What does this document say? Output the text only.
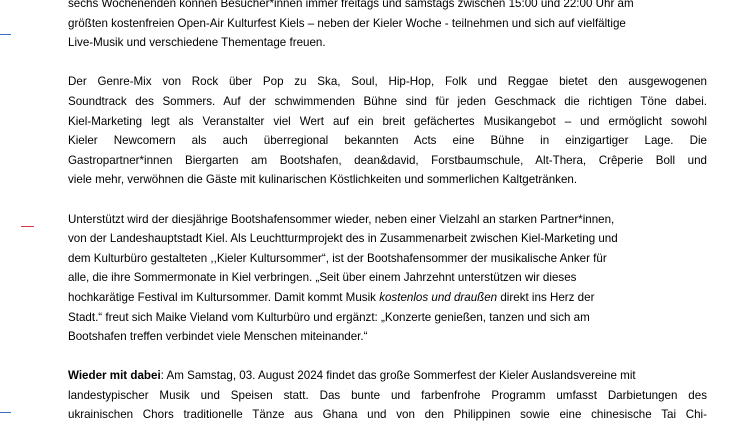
sechs Wochenenden können Besucher*innen immer freitags und samstags zwischen 15:00 und 22:00 Uhr am

größten kostenfreien Open-Air Kulturfest Kiels – neben der Kieler Woche - teilnehmen und sich auf vielfältige

Live-Musik und verschiedene Thementage freuen.

Der Genre-Mix von Rock über Pop zu Ska, Soul, Hip-Hop, Folk und Reggae bietet den ausgewogenen

Soundtrack des Sommers. Auf der schwimmenden Bühne sind für jeden Geschmack die richtigen Töne dabei.

Kiel-Marketing legt als Veranstalter viel Wert auf ein breit gefächertes Musikangebot – und ermöglicht sowohl

Kieler Newcomern als auch überregional bekannten Acts eine Bühne in einzigartiger Lage. Die

Gastropartner*innen Biergarten am Bootshafen, dean&david, Forstbaumschule, Alt-Thera, Crêperie Boll und

viele mehr, verwöhnen die Gäste mit kulinarischen Köstlichkeiten und sommerlichen Kaltgetränken.

Unterstützt wird der diesjährige Bootshafensommer wieder, neben einer Vielzahl an starken Partner*innen,

von der Landeshauptstadt Kiel. Als Leuchtturmprojekt des in Zusammenarbeit zwischen Kiel-Marketing und

dem Kulturbüro gestalteten ,,Kieler Kultursommer“, ist der Bootshafensommer der musikalische Anker für

alle, die ihre Sommermonate in Kiel verbringen. „Seit über einem Jahrzehnt unterstützen wir dieses

hochkarätige Festival im Kultursommer. Damit kommt Musik kostenlos und draußen direkt ins Herz der

Stadt.“ freut sich Maike Vieland vom Kulturbüro und ergänzt: „Konzerte genießen, tanzen und sich am

Bootshafen treffen verbindet viele Menschen miteinander.“

Wieder mit dabei: Am Samstag, 03. August 2024 findet das große Sommerfest der Kieler Auslandsvereine mit

landestypischer Musik und Speisen statt. Das bunte und farbenfrohe Programm umfasst Darbietungen des

ukrainischen Chors traditionelle Tänze aus Ghana und von den Philippinen sowie eine chinesische Tai Chi-
